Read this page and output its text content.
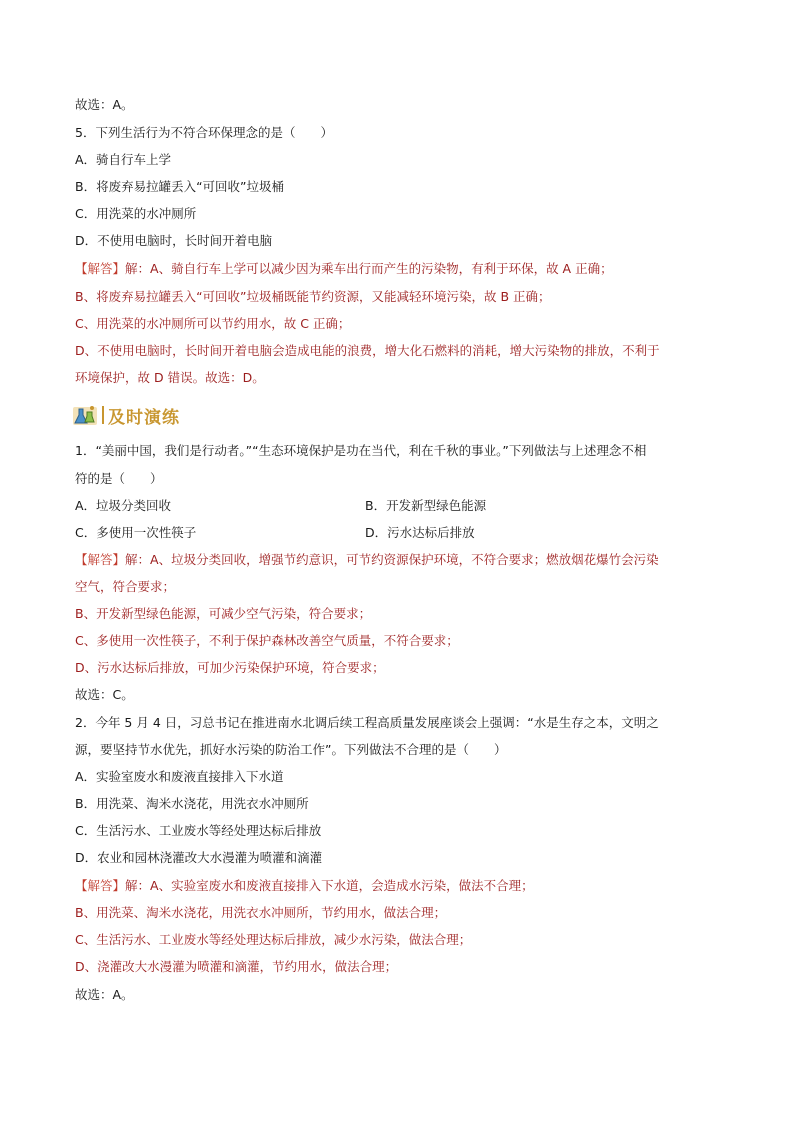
故选：A。
5．下列生活行为不符合环保理念的是（　　）
A．骑自行车上学
B．将废弃易拉罐丢入“可回收”垃圾桶
C．用洗菜的水冲厕所
D．不使用电脑时，长时间开着电脑
【解答】解：A、骑自行车上学可以减少因为乘车出行而产生的污染物，有利于环保，故 A 正确；
B、将废弃易拉罐丢入“可回收”垃圾桶既能节约资源，又能减轻环境污染，故 B 正确；
C、用洗菜的水冲厕所可以节约用水，故 C 正确；
D、不使用电脑时，长时间开着电脑会造成电能的浪费，增大化石燃料的消耗，增大污染物的排放，不利于
环境保护，故 D 错误。故选：D。
及时演练
1．“美丽中国，我们是行动者。”“生态环境保护是功在当代，利在千秋的事业。”下列做法与上述理念不相
符的是（　　）
A．垃圾分类回收	B．开发新型绿色能源
C．多使用一次性筷子	D．污水达标后排放
【解答】解：A、垃圾分类回收，增强节约意识，可节约资源保护环境，不符合要求；燃放烟花爆竹会污染
空气，符合要求；
B、开发新型绿色能源，可减少空气污染，符合要求；
C、多使用一次性筷子，不利于保护森林改善空气质量，不符合要求；
D、污水达标后排放，可加少污染保护环境，符合要求；
故选：C。
2．今年 5 月 4 日，习总书记在推进南水北调后续工程高质量发展座谈会上强调：“水是生存之本，文明之
源，要坚持节水优先，抓好水污染的防治工作”。下列做法不合理的是（　　）
A．实验室废水和废液直接排入下水道
B．用洗菜、淘米水浇花，用洗衣水冲厕所
C．生活污水、工业废水等经处理达标后排放
D．农业和园林浇灌改大水漫灌为喷灌和滴灌
【解答】解：A、实验室废水和废液直接排入下水道，会造成水污染，做法不合理；
B、用洗菜、淘米水浇花，用洗衣水冲厕所，节约用水，做法合理；
C、生活污水、工业废水等经处理达标后排放，减少水污染，做法合理；
D、浇灌改大水漫灌为喷灌和滴灌，节约用水，做法合理；
故选：A。
